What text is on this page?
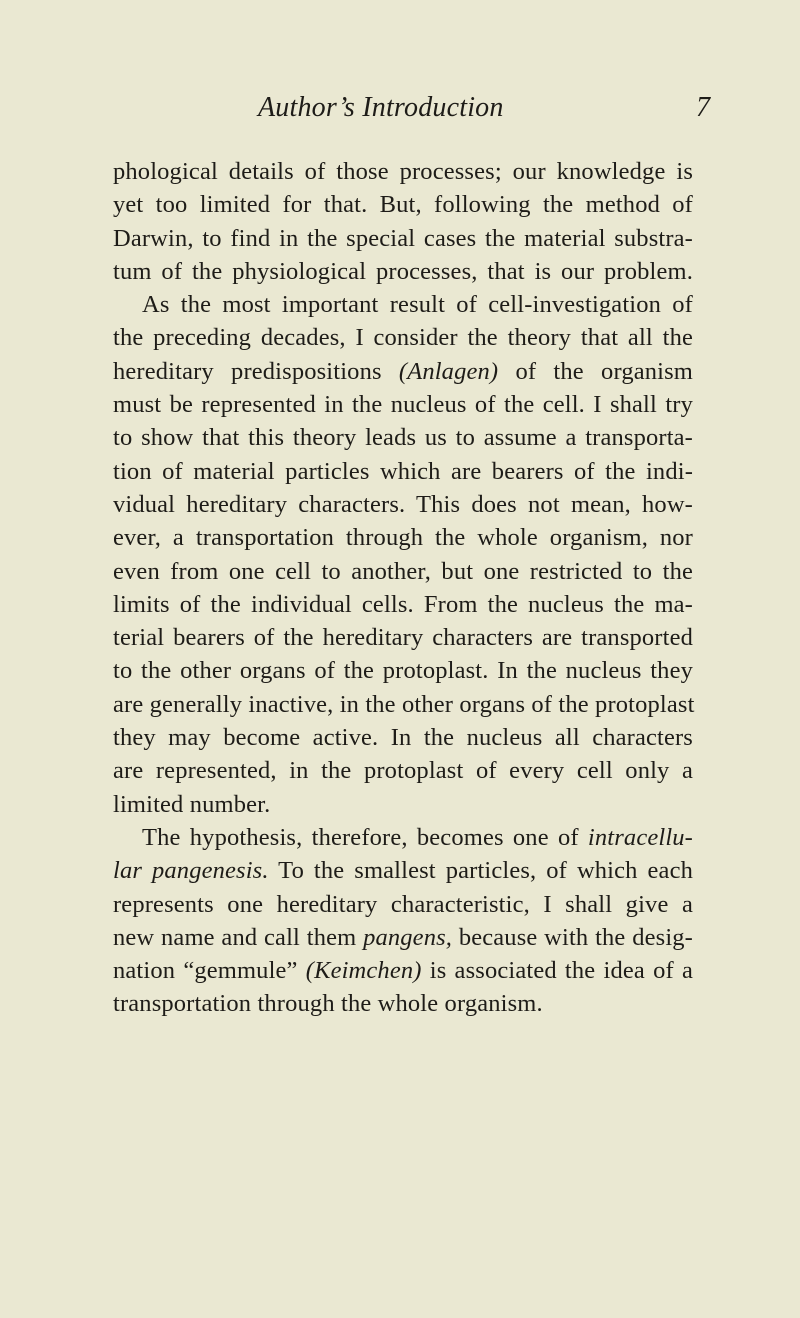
Author’s Introduction	7
phological details of those processes; our knowledge is
yet too limited for that. But, following the method of
Darwin, to find in the special cases the material substra-
tum of the physiological processes, that is our problem.
As the most important result of cell-investigation of
the preceding decades, I consider the theory that all the
hereditary predispositions (Anlagen) of the organism
must be represented in the nucleus of the cell. I shall try
to show that this theory leads us to assume a transporta-
tion of material particles which are bearers of the indi-
vidual hereditary characters. This does not mean, how-
ever, a transportation through the whole organism, nor
even from one cell to another, but one restricted to the
limits of the individual cells. From the nucleus the ma-
terial bearers of the hereditary characters are transported
to the other organs of the protoplast. In the nucleus they
are generally inactive, in the other organs of the protoplast
they may become active. In the nucleus all characters
are represented, in the protoplast of every cell only a
limited number.
The hypothesis, therefore, becomes one of intracellu-
lar pangenesis. To the smallest particles, of which each
represents one hereditary characteristic, I shall give a
new name and call them pangens, because with the desig-
nation “gemmule” (Keimchen) is associated the idea of a
transportation through the whole organism.
